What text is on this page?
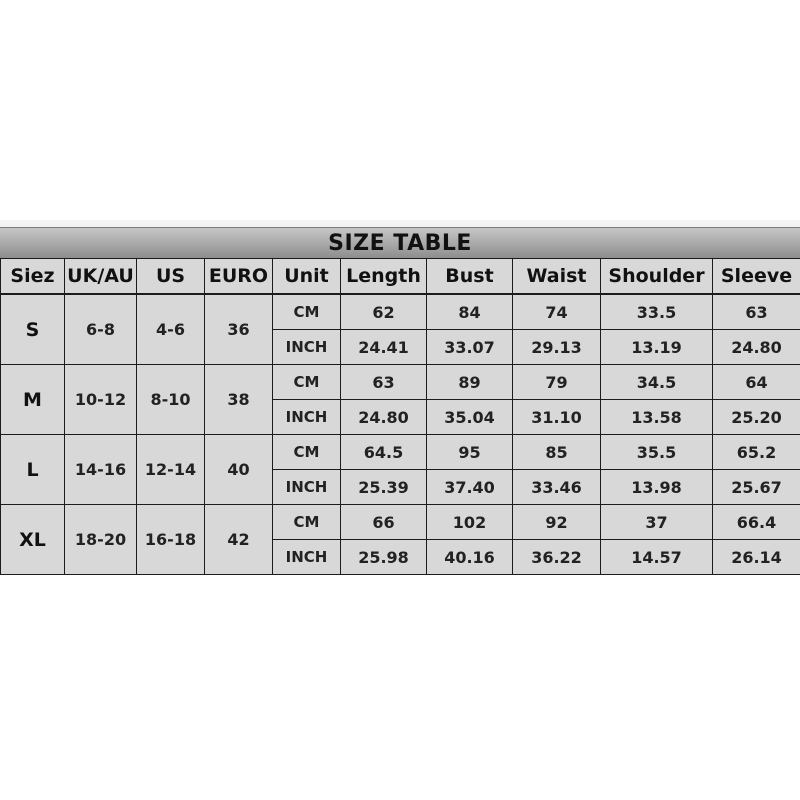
SIZE TABLE
Siez	UK/AU	US	EURO	Unit	Length	Bust	Waist	Shoulder	Sleeve
S	6-8	4-6	36	CM	62	84	74	33.5	63
				INCH	24.41	33.07	29.13	13.19	24.80
M	10-12	8-10	38	CM	63	89	79	34.5	64
				INCH	24.80	35.04	31.10	13.58	25.20
L	14-16	12-14	40	CM	64.5	95	85	35.5	65.2
				INCH	25.39	37.40	33.46	13.98	25.67
XL	18-20	16-18	42	CM	66	102	92	37	66.4
				INCH	25.98	40.16	36.22	14.57	26.14
